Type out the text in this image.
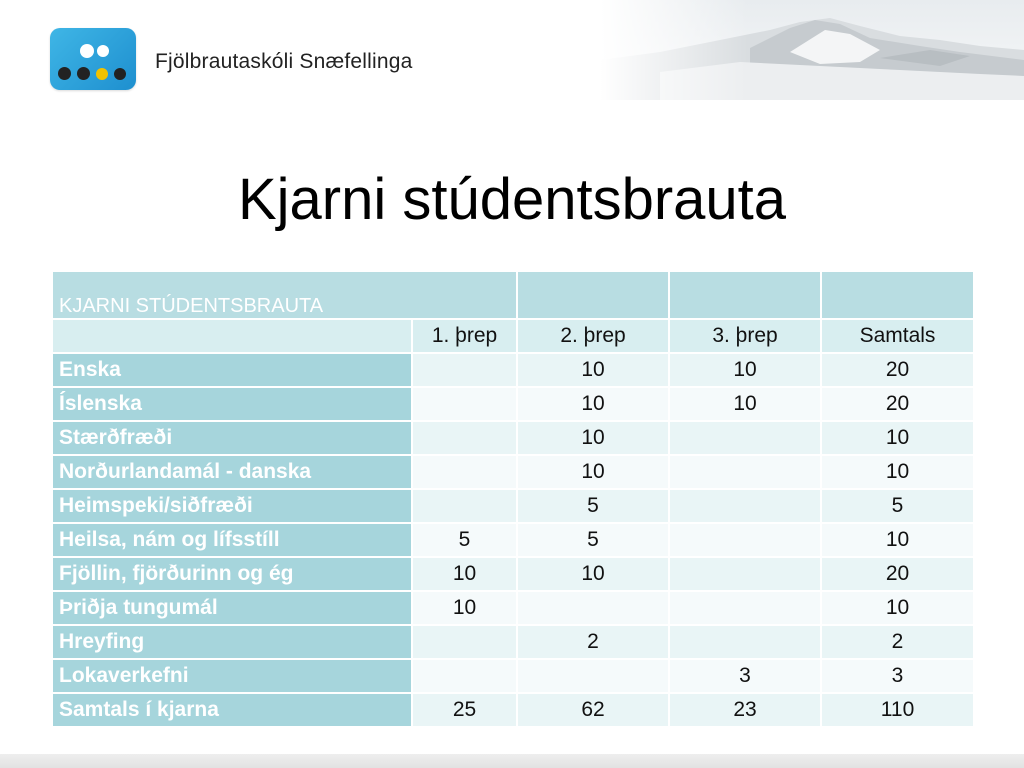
Fjölbrautaskóli Snæfellinga
Kjarni stúdentsbrauta
KJARNI STÚDENTSBRAUTA				
	1. þrep	2. þrep	3. þrep	Samtals
Enska		10	10	20
Íslenska		10	10	20
Stærðfræði		10		10
Norðurlandamál - danska		10		10
Heimspeki/siðfræði		5		5
Heilsa, nám og lífsstíll	5	5		10
Fjöllin, fjörðurinn og ég	10	10		20
Þriðja tungumál	10			10
Hreyfing		2		2
Lokaverkefni			3	3
Samtals í kjarna	25	62	23	110
